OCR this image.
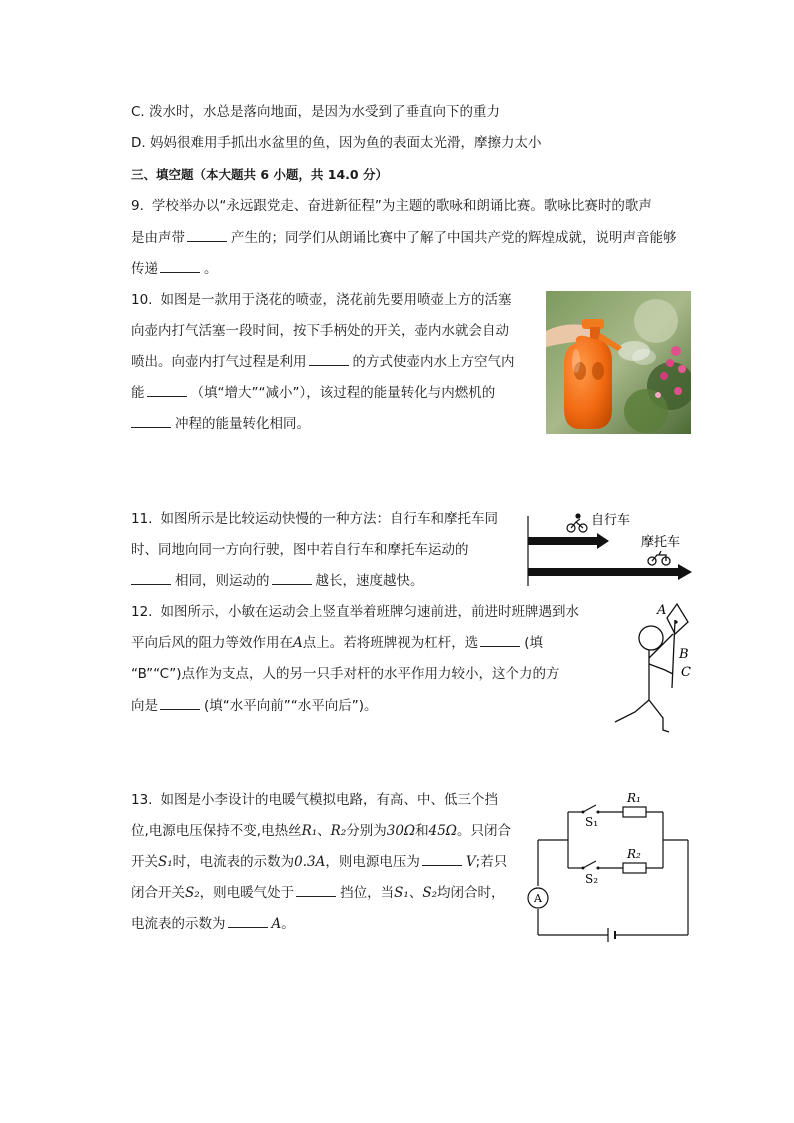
C. 泼水时，水总是落向地面，是因为水受到了垂直向下的重力
D. 妈妈很难用手抓出水盆里的鱼，因为鱼的表面太光滑，摩擦力太小
三、填空题（本大题共 6 小题，共 14.0 分）
9. 学校举办以“永远跟党走、奋进新征程”为主题的歌咏和朗诵比赛。歌咏比赛时的歌声
是由声带	产生的；同学们从朗诵比赛中了解了中国共产党的辉煌成就，说明声音能够
传递	。
10. 如图是一款用于浇花的喷壶，浇花前先要用喷壶上方的活塞
向壶内打气活塞一段时间，按下手柄处的开关，壶内水就会自动
喷出。向壶内打气过程是利用	的方式使壶内水上方空气内
能	（填“增大”“减小”），该过程的能量转化与内燃机的
冲程的能量转化相同。
11. 如图所示是比较运动快慢的一种方法：自行车和摩托车同
时、同地向同一方向行驶，图中若自行车和摩托车运动的
相同，则运动的	越长，速度越快。
自行车
摩托车
12. 如图所示，小敏在运动会上竖直举着班牌匀速前进，前进时班牌遇到水
平向后风的阻力等效作用在A点上。若将班牌视为杠杆，选	(填
“B”“C”)点作为支点，人的另一只手对杆的水平作用力较小，这个力的方
向是	(填“水平向前”“水平向后”)。
A
B
C
13. 如图是小李设计的电暖气模拟电路，有高、中、低三个挡
位,电源电压保持不变,电热丝R₁、R₂分别为30Ω和45Ω。只闭合
开关S₁时，电流表的示数为0.3A，则电源电压为	V;若只
闭合开关S₂，则电暖气处于	挡位，当S₁、S₂均闭合时，
电流表的示数为	A。
A
R₁
R₂
S₁
S₂
